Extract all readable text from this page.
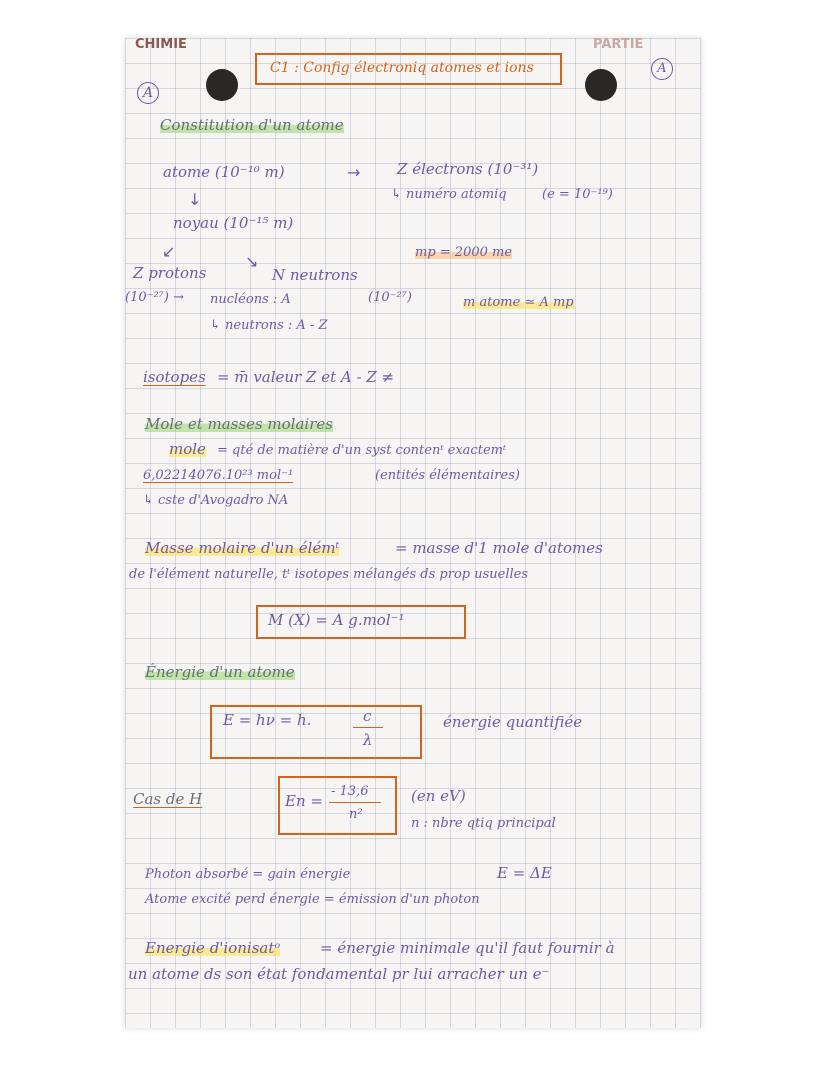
CHIMIE	PARTIE
C1 : Config électroniq atomes et ions	A
A
Constitution d'un atome
atome (10⁻¹⁰ m)	→ Z électrons (10⁻³¹)
↳ numéro atomiq	(e = 10⁻¹⁹)
↓
noyau (10⁻¹⁵ m)
mp = 2000 me
↙
↘
Z protons	N neutrons
(10⁻²⁷) → nucléons : A	(10⁻²⁷)	m atome ≃ A mp
↳ neutrons : A - Z
isotopes = m̄ valeur Z et A - Z ≠
Mole et masses molaires
mole = qté de matière d'un syst contenᵗ exactemᵗ
6,02214076.10²³ mol⁻¹	(entités élémentaires)
↳ cste d'Avogadro NA
Masse molaire d'un élémᵗ	= masse d'1 mole d'atomes
de l'élément naturelle, tᵗ isotopes mélangés ds prop usuelles
M (X) = A g.mol⁻¹
Énergie d'un atome
E = hν = h.	c
λ
énergie quantifiée
Cas de H	En =
- 13,6
n²
(en eV)
n : nbre qtiq principal
Photon absorbé = gain énergie	E = ΔE
Atome excité perd énergie = émission d'un photon
Energie d'ionisatᵒ	= énergie minimale qu'il faut fournir à
un atome ds son état fondamental pr lui arracher un e⁻
